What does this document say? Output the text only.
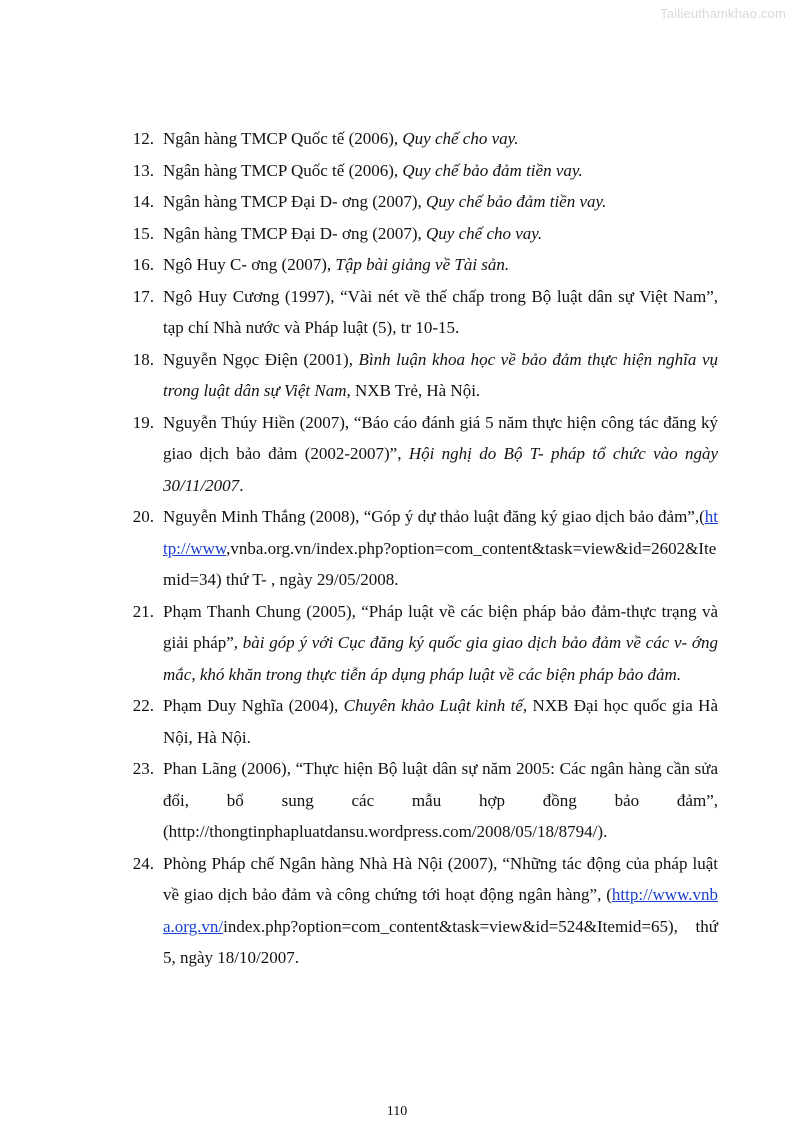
Tailieuthamkhao.com
12. Ngân hàng TMCP Quốc tế (2006), Quy chế cho vay.
13. Ngân hàng TMCP Quốc tế (2006), Quy chế bảo đảm tiền vay.
14. Ngân hàng TMCP Đại D- ơng (2007), Quy chế bảo đảm tiền vay.
15. Ngân hàng TMCP Đại D- ơng (2007), Quy chế cho vay.
16. Ngô Huy C- ơng (2007), Tập bài giảng về Tài sản.
17. Ngô Huy Cương (1997), “Vài nét về thế chấp trong Bộ luật dân sự Việt Nam”, tạp chí Nhà nước và Pháp luật (5), tr 10-15.
18. Nguyễn Ngọc Điện (2001), Bình luận khoa học về bảo đảm thực hiện nghĩa vụ trong luật dân sự Việt Nam, NXB Trẻ, Hà Nội.
19. Nguyễn Thúy Hiền (2007), “Báo cáo đánh giá 5 năm thực hiện công tác đăng ký giao dịch bảo đảm (2002-2007)”, Hội nghị do Bộ T- pháp tổ chức vào ngày 30/11/2007.
20. Nguyễn Minh Thắng (2008), “Góp ý dự thảo luật đăng ký giao dịch bảo đảm”,(http://www,vnba.org.vn/index.php?option=com_content&task=view&id=2602&Itemid=34) thứ T- , ngày 29/05/2008.
21. Phạm Thanh Chung (2005), “Pháp luật về các biện pháp bảo đảm-thực trạng và giải pháp”, bài góp ý với Cục đăng ký quốc gia giao dịch bảo đảm về các v- ớng mắc, khó khăn trong thực tiễn áp dụng pháp luật về các biện pháp bảo đảm.
22. Phạm Duy Nghĩa (2004), Chuyên khảo Luật kinh tế, NXB Đại học quốc gia Hà Nội, Hà Nội.
23. Phan Lãng (2006), “Thực hiện Bộ luật dân sự năm 2005: Các ngân hàng cần sửa đổi, bổ sung các mẫu hợp đồng bảo đảm”, (http://thongtinphapluatdansu.wordpress.com/2008/05/18/8794/).
24. Phòng Pháp chế Ngân hàng Nhà Hà Nội (2007), “Những tác động của pháp luật về giao dịch bảo đảm và công chứng tới hoạt động ngân hàng”, (http://www.vnba.org.vn/index.php?option=com_content&task=view&id=524&Itemid=65), thứ 5, ngày 18/10/2007.
110
